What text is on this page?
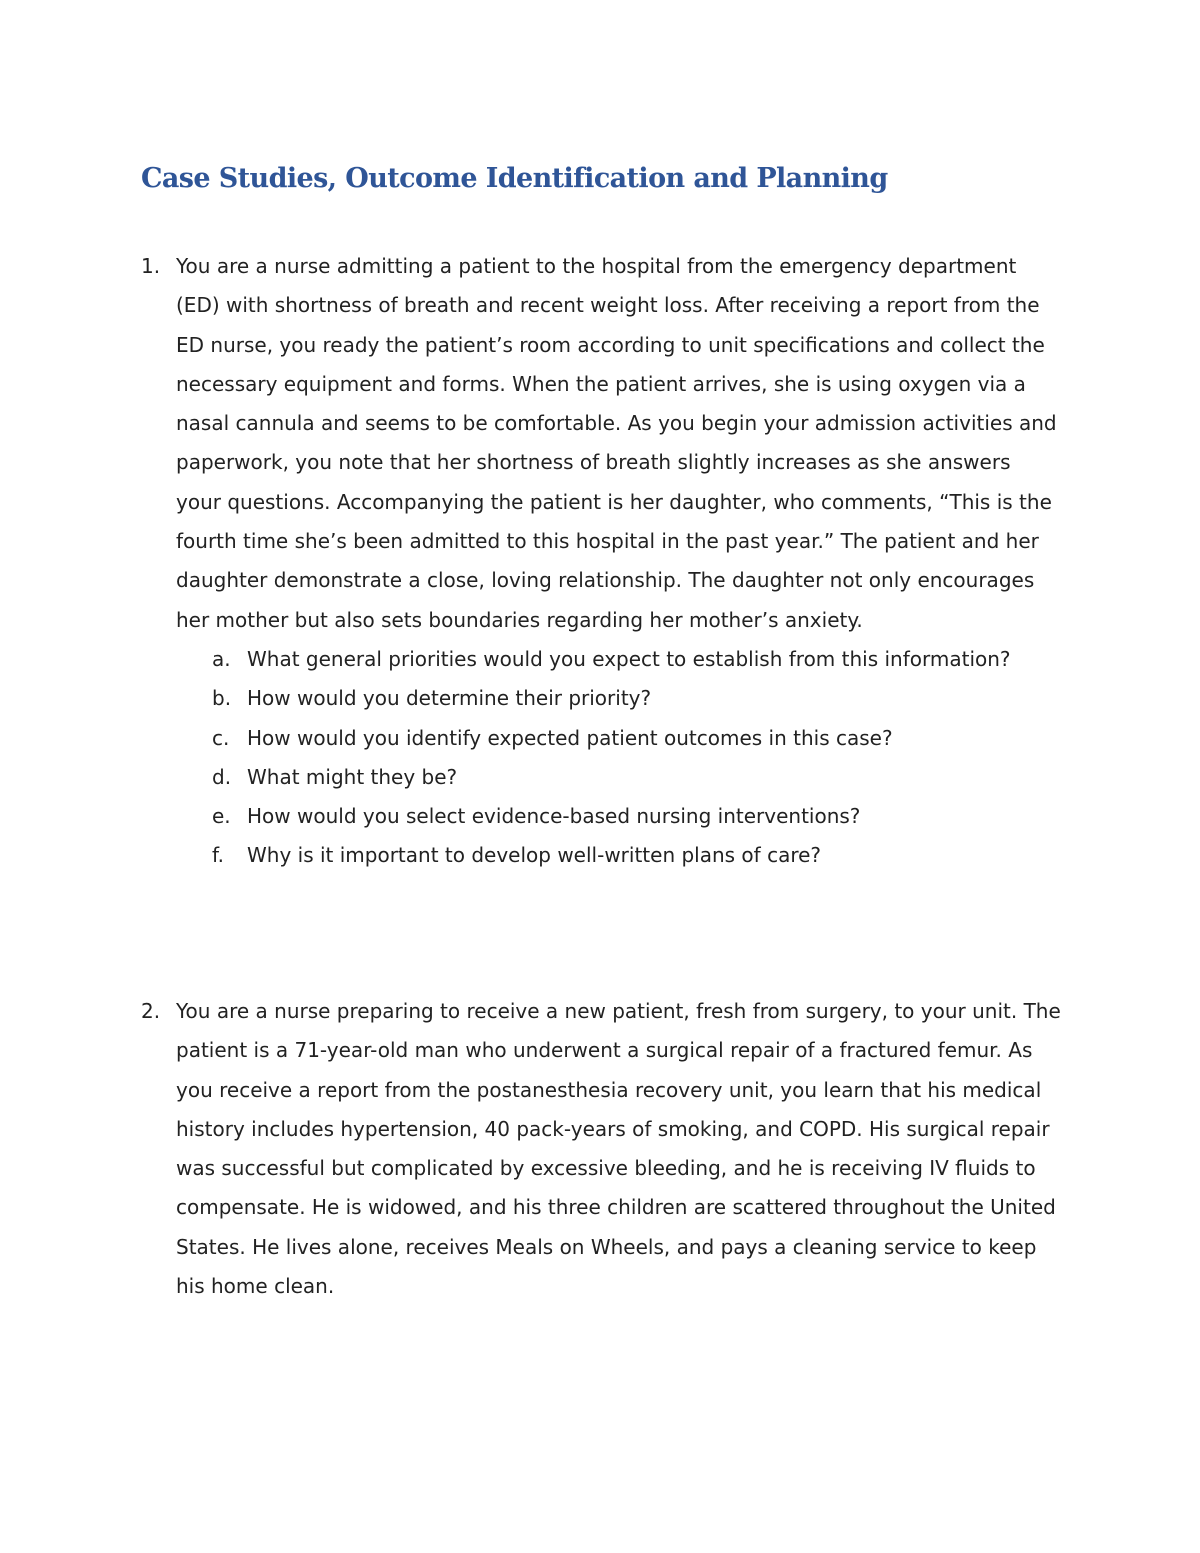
Case Studies, Outcome Identification and Planning
1. You are a nurse admitting a patient to the hospital from the emergency department (ED) with shortness of breath and recent weight loss. After receiving a report from the ED nurse, you ready the patient’s room according to unit specifications and collect the necessary equipment and forms. When the patient arrives, she is using oxygen via a nasal cannula and seems to be comfortable. As you begin your admission activities and paperwork, you note that her shortness of breath slightly increases as she answers your questions. Accompanying the patient is her daughter, who comments, “This is the fourth time she’s been admitted to this hospital in the past year.” The patient and her daughter demonstrate a close, loving relationship. The daughter not only encourages her mother but also sets boundaries regarding her mother’s anxiety.
a. What general priorities would you expect to establish from this information?
b. How would you determine their priority?
c. How would you identify expected patient outcomes in this case?
d. What might they be?
e. How would you select evidence-based nursing interventions?
f. Why is it important to develop well-written plans of care?
2. You are a nurse preparing to receive a new patient, fresh from surgery, to your unit. The patient is a 71-year-old man who underwent a surgical repair of a fractured femur. As you receive a report from the postanesthesia recovery unit, you learn that his medical history includes hypertension, 40 pack-years of smoking, and COPD. His surgical repair was successful but complicated by excessive bleeding, and he is receiving IV fluids to compensate. He is widowed, and his three children are scattered throughout the United States. He lives alone, receives Meals on Wheels, and pays a cleaning service to keep his home clean.
